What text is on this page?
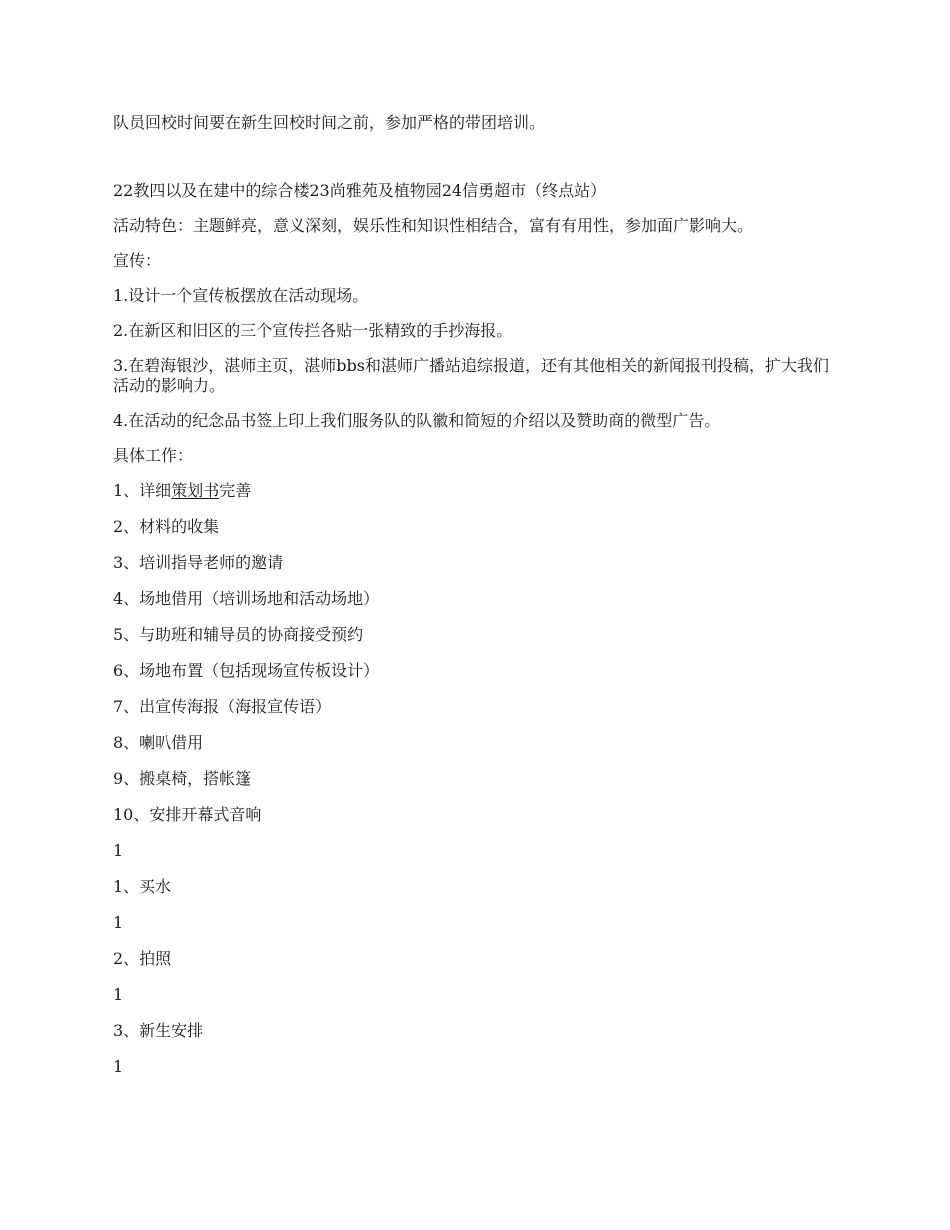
队员回校时间要在新生回校时间之前，参加严格的带团培训。

22教四以及在建中的综合楼23尚雅苑及植物园24信勇超市（终点站）

活动特色：主题鲜亮，意义深刻，娱乐性和知识性相结合，富有有用性，参加面广影响大。

宣传：

1.设计一个宣传板摆放在活动现场。

2.在新区和旧区的三个宣传拦各贴一张精致的手抄海报。

3.在碧海银沙，湛师主页，湛师bbs和湛师广播站追综报道，还有其他相关的新闻报刊投稿，扩大我们活动的影响力。

4.在活动的纪念品书签上印上我们服务队的队徽和简短的介绍以及赞助商的微型广告。

具体工作：

1、详细策划书完善

2、材料的收集

3、培训指导老师的邀请

4、场地借用（培训场地和活动场地）

5、与助班和辅导员的协商接受预约

6、场地布置（包括现场宣传板设计）

7、出宣传海报（海报宣传语）

8、喇叭借用

9、搬桌椅，搭帐篷

10、安排开幕式音响

1

1、买水

1

2、拍照

1

3、新生安排

1
